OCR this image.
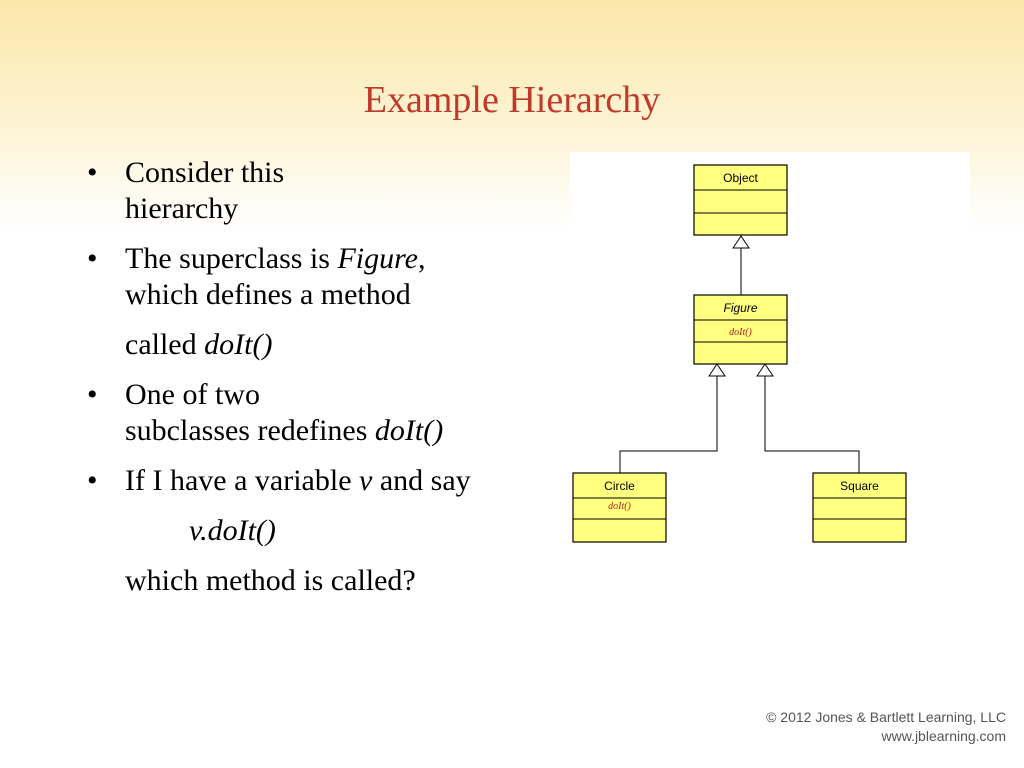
Example Hierarchy
• Consider this
hierarchy
• The superclass is Figure,
which defines a method
called doIt()
• One of two
subclasses redefines doIt()
• If I have a variable v and say
v.doIt()
which method is called?
Object
Figure
doIt()
Circle
doIt()
Square
© 2012 Jones & Bartlett Learning, LLC
www.jblearning.com
